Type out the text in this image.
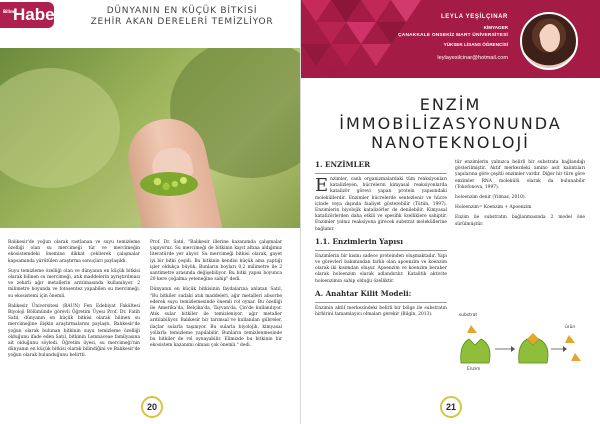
Bilim
Haber	DÜNYANIN EN KÜÇÜK BİTKİSİ
ZEHİR AKAN DERELERİ TEMİZLİYOR

Balıkesir'de yoğun olarak rastlanan ve suyu temizleme özelliği olan su mercimeği tür ve mercimeğin ekosistemdeki önemine dikkat çekilerek çalışmalar kapsamında yürütülen araştırma sonuçları paylaşıldı.

Suyu temizleme özelliği olan ve dünyanın en küçük bitkisi olarak bilinen su mercimeği, atık maddelerin ayrıştırılması ve zehirli ağır metallerin arıtılmasında kullanılıyor. 2 milimetre boyunda ve fotosentez yapabilen su mercimeği, su ekosistemi için önemli.

Balıkesir Üniversitesi (BAUN) Fen Edebiyat Fakültesi Biyoloji Bölümünde görevli Öğretim Üyesi Prof. Dr. Fatih Satıl, dünyanın en küçük bitkisi olarak bilinen su mercimeğine ilişkin araştırmalarını paylaştı. Balıkesir'de yoğun olarak bulunan bitkinin suyu temizleme özelliği olduğunu ifade eden Satıl, bitkinin Lemnaceae familyasına ait olduğunu söyledi. Öğretim üyesi, su mercimeği'nin dünyanın en küçük bitkisi olarak bilindiğini ve Balıkesir'de yoğun olarak bulunduğunu belirtti.

Prof. Dr. Satıl, "Balıkesir illerine kazanımda çalışmalar yapıyoruz. Su mercimeği de bitkinin kayıt altına aldığımız literatürde yer alıyor. Su mercimeği bitkisi olarak, gayet iyi bir bitki çeşidi. Bu bitkinin kendisi küçük ama yaptığı işler oldukça büyük. Bunların boyları 0,2 milimetre ile 2 santimetre arasında değişebiliyor. Bu bitki yapısı boyunca 20 kere çoğalma yeteneğine sahip" dedi.

Dünyanın en küçük bitkisinin faydalarına anlatan Satıl, "Bu bitkiler sudaki atık maddeleri, ağır metalleri absorbe ederek suyu temizlemesinde önemli rol oynar. Bu özelliği ile Amerika'da, Belçika'da, Tayvan'da, Çin'de kullanılıyor. Atık sular bitkiler ile temizleniyor, ağır metaller arıtılabiliyor. Balıkesir bir tarımsal ve kullanılan gübreler, ilaçlar sularla taşınıyor. Bu sularla biyolojik, kimyasal yollarla temizleme yapılabilir. Bunların temizlenmesinde bu bitkiler de rol oynayabilir. Elimizde bu bitkinin bir ekosistem kazanımı olması çok önemli." dedi.

20
LEYLA YEŞİLÇINAR
KİMYAGER
ÇANAKKALE ONSEKİZ MART ÜNİVERSİTESİ
YÜKSEK LİSANS ÖĞRENCİSİ
leylayesilcinar@hotmail.com
ENZİM
İMMOBİLİZASYONUNDA
NANOTEKNOLOJİ
1. ENZİMLER

Enzimler, canlı organizmalardaki tüm reaksiyonları katalizleyen, hücrelerin kimyasal reaksiyonlarda katalizör görevi yapan protein yapısındaki moleküllerdir. Enzimler hücrelerde sentezlenir ve hücre içinde veya dışında faaliyet gösterebilir (Tütün, 1997). Enzimlerin biyolojik katalizörler de denilebilir. Kimyasal katalizörlerden daha etkili ve spesifik özelliklere sahiptir. Enzimler yalnız reaksiyona girecek substrat moleküllerine bağlanır.

1.1. Enzimlerin Yapısı

Enzimlerin bir kısmı sadece proteinden oluşmaktadır. Yapı ve görevleri bakımından farklı olan apoenzim ve koenzim olarak iki kısımdan oluşur. Apoenzim ve koenzim beraber olarak holoenzim olarak adlandırılır. Katalitik aktivite holoenzimin sahip olduğu özelliktir.

A. Anahtar Kilit Modeli:

Enzimin aktif merkezindeki belirli bir bölge ile substratın birbirini tamamlayıcı olmaları gerekir (Bilgin, 2013).

tür enzimlerin yalnızca belirli bir substrata bağlandığı gösterilmiştir. Aktif merkezdeki amino asit kalıntıları yapılarına göre çeşitli enzimler vardır. Diğer bir türe göre enzimler RNA molekülü olarak da bulunabilir (Tokofonova, 1997).

holoenzim denir (Yılmaz, 2010).

Holoenzim= Koenzim + Apoenzim

Enzim ile substratın bağlanmasında 2 model öne sürülmüştür.

substrat
Enzim
ürün
21
